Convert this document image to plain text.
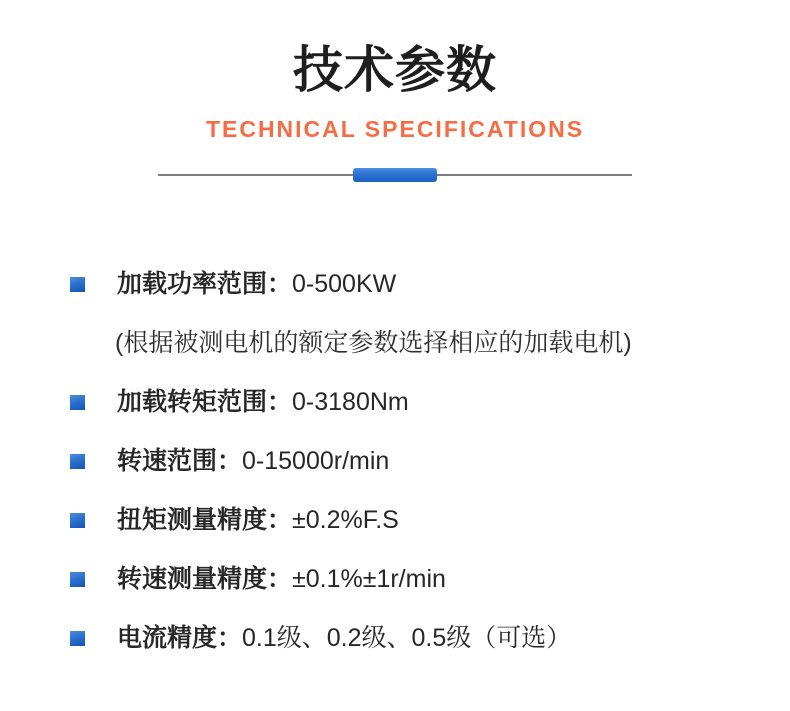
技术参数
TECHNICAL SPECIFICATIONS
加载功率范围：0-500KW
(根据被测电机的额定参数选择相应的加载电机)
加载转矩范围：0-3180Nm
转速范围：0-15000r/min
扭矩测量精度：±0.2%F.S
转速测量精度：±0.1%±1r/min
电流精度：0.1级、0.2级、0.5级（可选）
